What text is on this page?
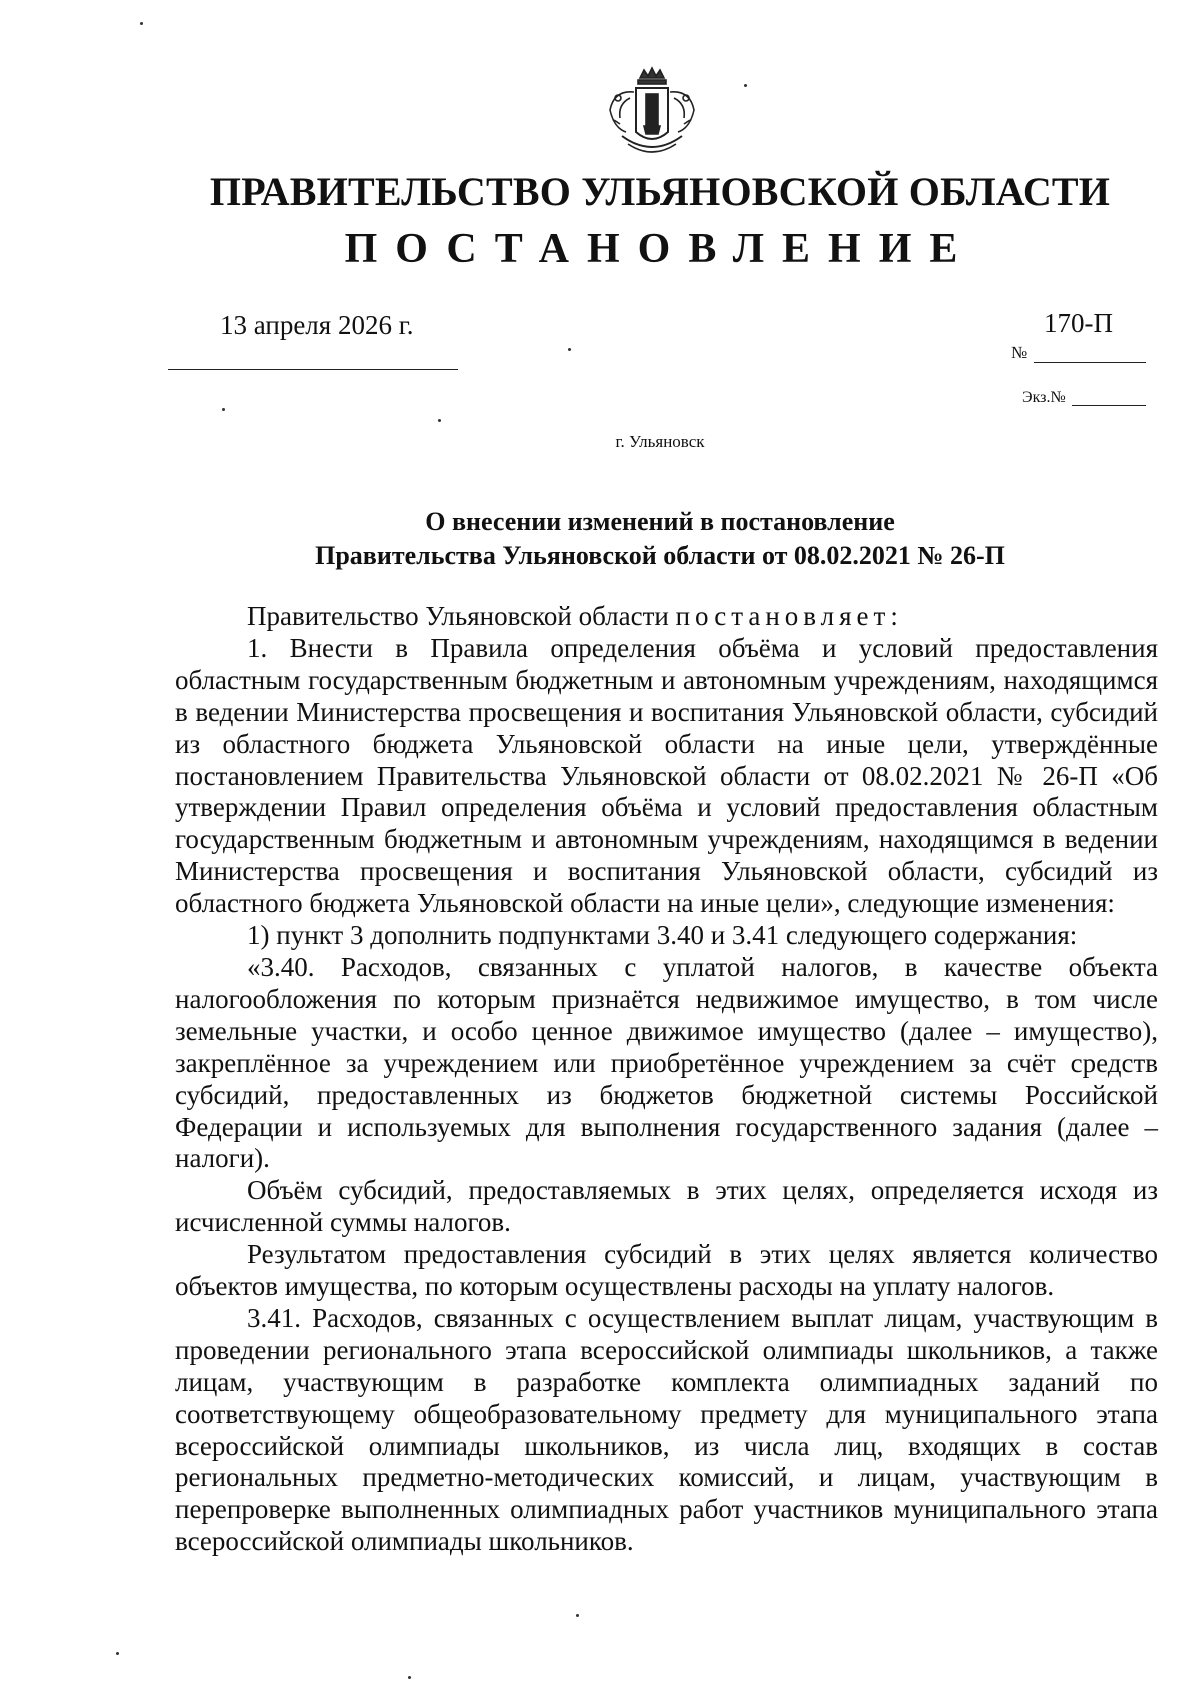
ПРАВИТЕЛЬСТВО УЛЬЯНОВСКОЙ ОБЛАСТИ
ПОСТАНОВЛЕНИЕ
13 апреля 2026 г.	170-П
№
Экз.№
г. Ульяновск
О внесении изменений в постановление
Правительства Ульяновской области от 08.02.2021 № 26-П

Правительство Ульяновской области постановляет:

1. Внести в Правила определения объёма и условий предоставления областным государственным бюджетным и автономным учреждениям, находящимся в ведении Министерства просвещения и воспитания Ульяновской области, субсидий из областного бюджета Ульяновской области на иные цели, утверждённые постановлением Правительства Ульяновской области от 08.02.2021 № 26-П «Об утверждении Правил определения объёма и условий предоставления областным государственным бюджетным и автономным учреждениям, находящимся в ведении Министерства просвещения и воспитания Ульяновской области, субсидий из областного бюджета Ульяновской области на иные цели», следующие изменения:

1) пункт 3 дополнить подпунктами 3.40 и 3.41 следующего содержания:

«3.40. Расходов, связанных с уплатой налогов, в качестве объекта налогообложения по которым признаётся недвижимое имущество, в том числе земельные участки, и особо ценное движимое имущество (далее – имущество), закреплённое за учреждением или приобретённое учреждением за счёт средств субсидий, предоставленных из бюджетов бюджетной системы Российской Федерации и используемых для выполнения государственного задания (далее – налоги).

Объём субсидий, предоставляемых в этих целях, определяется исходя из исчисленной суммы налогов.

Результатом предоставления субсидий в этих целях является количество объектов имущества, по которым осуществлены расходы на уплату налогов.

3.41. Расходов, связанных с осуществлением выплат лицам, участвующим в проведении регионального этапа всероссийской олимпиады школьников, а также лицам, участвующим в разработке комплекта олимпиадных заданий по соответствующему общеобразовательному предмету для муниципального этапа всероссийской олимпиады школьников, из числа лиц, входящих в состав региональных предметно-методических комиссий, и лицам, участвующим в перепроверке выполненных олимпиадных работ участников муниципального этапа всероссийской олимпиады школьников.
